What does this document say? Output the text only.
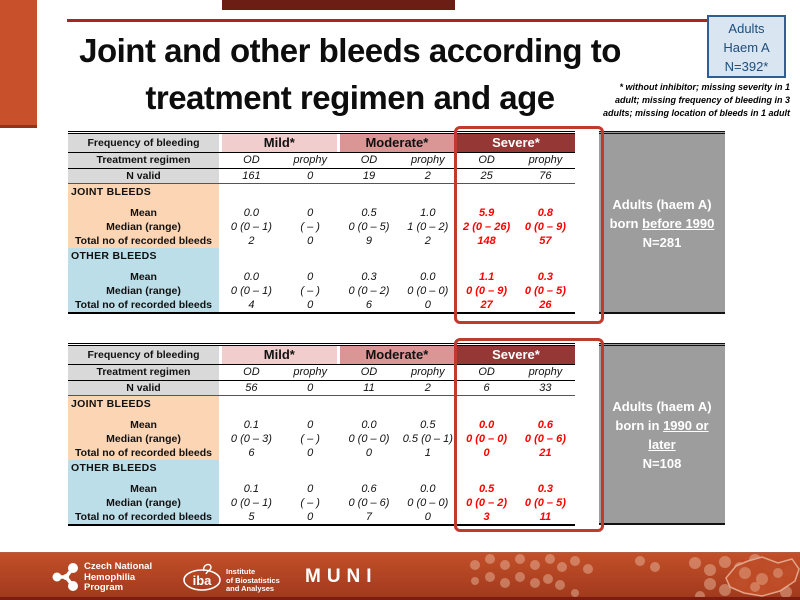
Joint and other bleeds according to
treatment regimen and age
Adults
Haem A
N=392*
* without inhibitor; missing severity in 1
adult; missing frequency of bleeding in 3
adults; missing location of bleeds in 1 adult
Frequency of bleeding	Mild*	Moderate*	Severe*
Treatment regimen	OD	prophy	OD	prophy	OD	prophy
N valid	161	0	19	2	25	76
JOINT BLEEDS
Mean	0.0	0	0.5	1.0	5.9	0.8
Median (range)	0 (0 – 1)	( – )	0 (0 – 5)	1 (0 – 2)	2 (0 – 26)	0 (0 – 9)
Total no of recorded bleeds	2	0	9	2	148	57
OTHER BLEEDS
Mean	0.0	0	0.3	0.0	1.1	0.3
Median (range)	0 (0 – 1)	( – )	0 (0 – 2)	0 (0 – 0)	0 (0 – 9)	0 (0 – 5)
Total no of recorded bleeds	4	0	6	0	27	26
Adults (haem A)
born before 1990
N=281
Frequency of bleeding	Mild*	Moderate*	Severe*
Treatment regimen	OD	prophy	OD	prophy	OD	prophy
N valid	56	0	11	2	6	33
JOINT BLEEDS
Mean	0.1	0	0.0	0.5	0.0	0.6
Median (range)	0 (0 – 3)	( – )	0 (0 – 0)	0.5 (0 – 1)	0 (0 – 0)	0 (0 – 6)
Total no of recorded bleeds	6	0	0	1	0	21
OTHER BLEEDS
Mean	0.1	0	0.6	0.0	0.5	0.3
Median (range)	0 (0 – 1)	( – )	0 (0 – 6)	0 (0 – 0)	0 (0 – 2)	0 (0 – 5)
Total no of recorded bleeds	5	0	7	0	3	11
Adults (haem A)
born in 1990 or
later
N=108
Czech National
Hemophilia
Program	iba
Institute
of Biostatistics
and Analyses
MUNI
